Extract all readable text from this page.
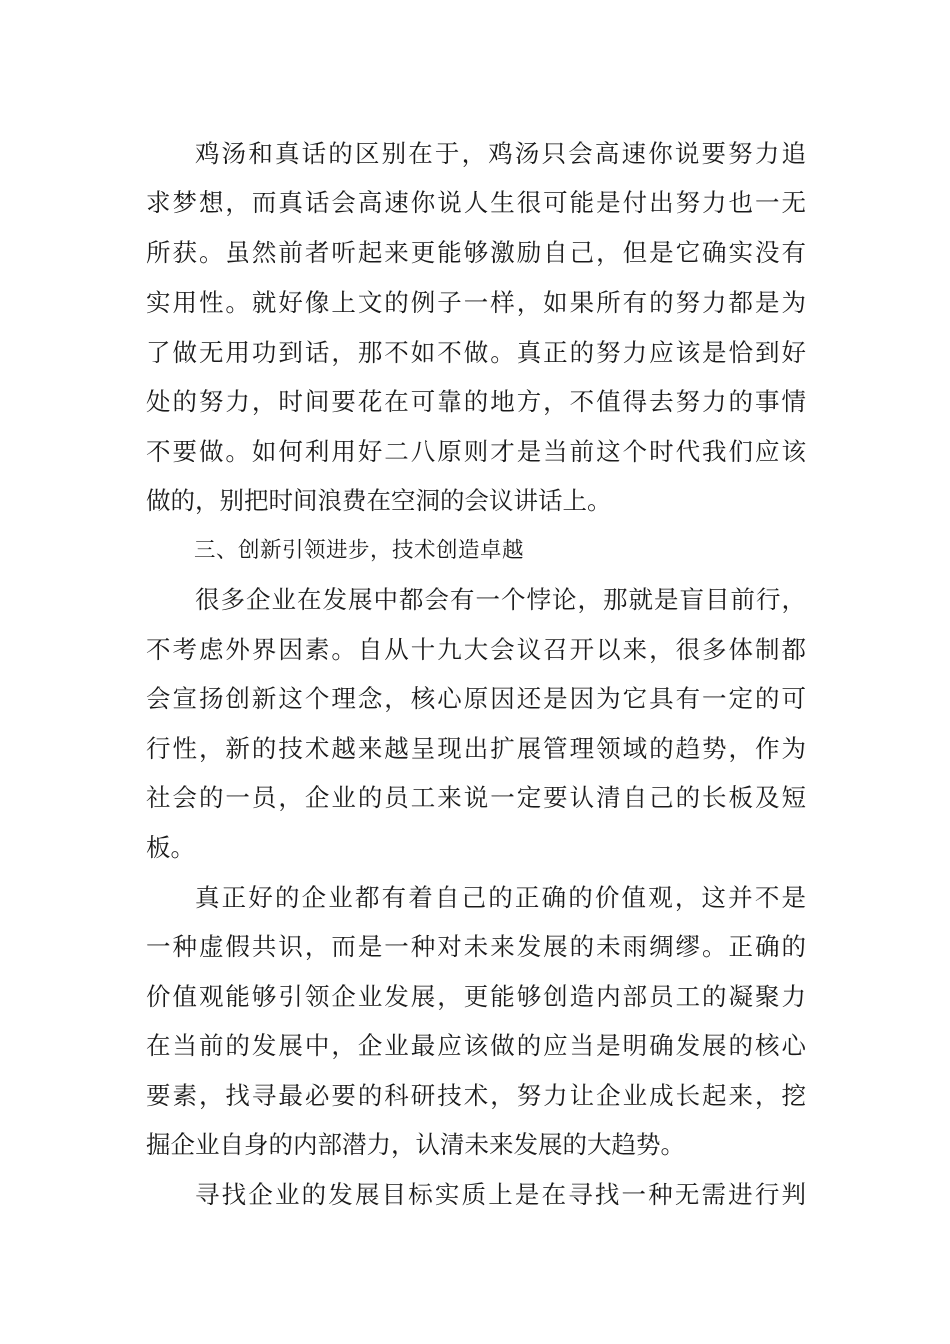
鸡汤和真话的区别在于，鸡汤只会高速你说要努力追
求梦想，而真话会高速你说人生很可能是付出努力也一无
所获。虽然前者听起来更能够激励自己，但是它确实没有
实用性。就好像上文的例子一样，如果所有的努力都是为
了做无用功到话，那不如不做。真正的努力应该是恰到好
处的努力，时间要花在可靠的地方，不值得去努力的事情
不要做。如何利用好二八原则才是当前这个时代我们应该
做的，别把时间浪费在空洞的会议讲话上。
三、创新引领进步，技术创造卓越
很多企业在发展中都会有一个悖论，那就是盲目前行，
不考虑外界因素。自从十九大会议召开以来，很多体制都
会宣扬创新这个理念，核心原因还是因为它具有一定的可
行性，新的技术越来越呈现出扩展管理领域的趋势，作为
社会的一员，企业的员工来说一定要认清自己的长板及短
板。
真正好的企业都有着自己的正确的价值观，这并不是
一种虚假共识，而是一种对未来发展的未雨绸缪。正确的
价值观能够引领企业发展，更能够创造内部员工的凝聚力
在当前的发展中，企业最应该做的应当是明确发展的核心
要素，找寻最必要的科研技术，努力让企业成长起来，挖
掘企业自身的内部潜力，认清未来发展的大趋势。
寻找企业的发展目标实质上是在寻找一种无需进行判
